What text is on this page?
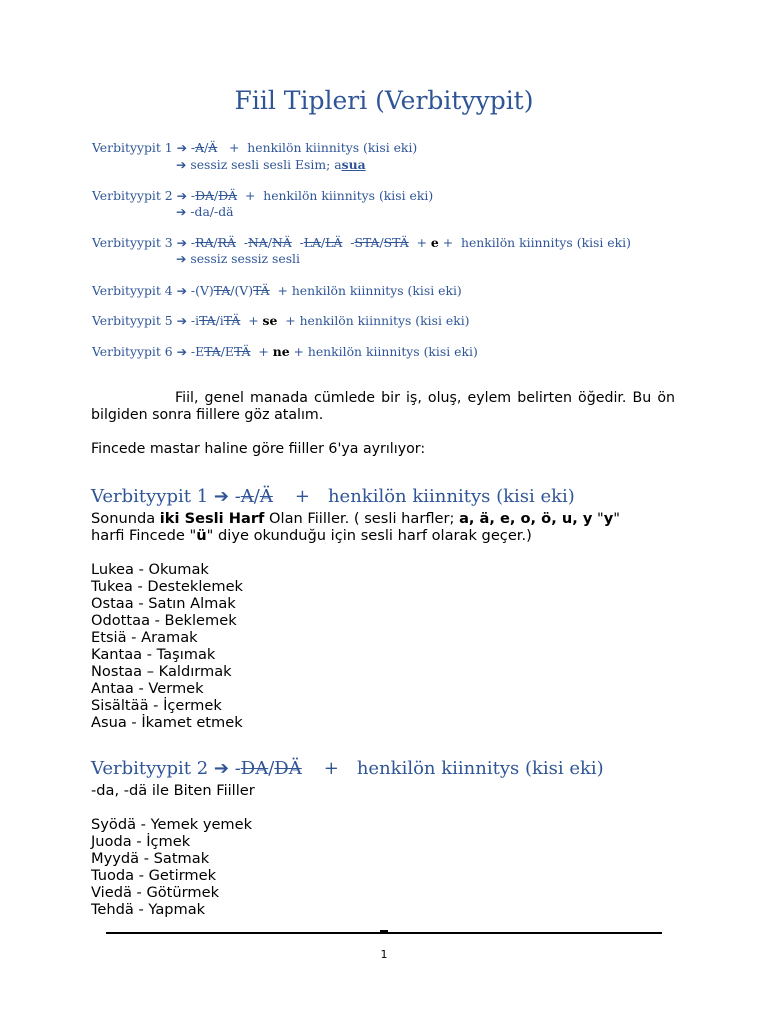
Fiil Tipleri (Verbityypit)
Verbityypit 1 ➔ -A/Ä   +  henkilön kiinnitys (kisi eki)
➔ sessiz sesli sesli Esim; asua
Verbityypit 2 ➔ -DA/DÄ  +  henkilön kiinnitys (kisi eki)
➔ -da/-dä
Verbityypit 3 ➔ -RA/RÄ  -NA/NÄ  -LA/LÄ  -STA/STÄ  + e +  henkilön kiinnitys (kisi eki)
➔ sessiz sessiz sesli
Verbityypit 4 ➔ -(V)TA/(V)TÄ  + henkilön kiinnitys (kisi eki)
Verbityypit 5 ➔ -iTA/iTÄ  + se  + henkilön kiinnitys (kisi eki)
Verbityypit 6 ➔ -ETA/ETÄ  + ne + henkilön kiinnitys (kisi eki)
Fiil, genel manada cümlede bir iş, oluş, eylem belirten öğedir. Bu ön bilgiden sonra fiillere göz atalım.
Fincede mastar haline göre fiiller 6'ya ayrılıyor:
Verbityypit 1 ➔ -A/Ä + henkilön kiinnitys (kisi eki)
Sonunda iki Sesli Harf Olan Fiiller. ( sesli harfler; a, ä, e, o, ö, u, y "y"
harfi Fincede "ü" diye okunduğu için sesli harf olarak geçer.)
Lukea - Okumak
Tukea - Desteklemek
Ostaa - Satın Almak
Odottaa - Beklemek
Etsiä - Aramak
Kantaa - Taşımak
Nostaa – Kaldırmak
Antaa - Vermek
Sisältää - İçermek
Asua - İkamet etmek
Verbityypit 2 ➔ -DA/DÄ + henkilön kiinnitys (kisi eki)
-da, -dä ile Biten Fiiller
Syödä - Yemek yemek
Juoda - İçmek
Myydä - Satmak
Tuoda - Getirmek
Viedä - Götürmek
Tehdä - Yapmak
1
